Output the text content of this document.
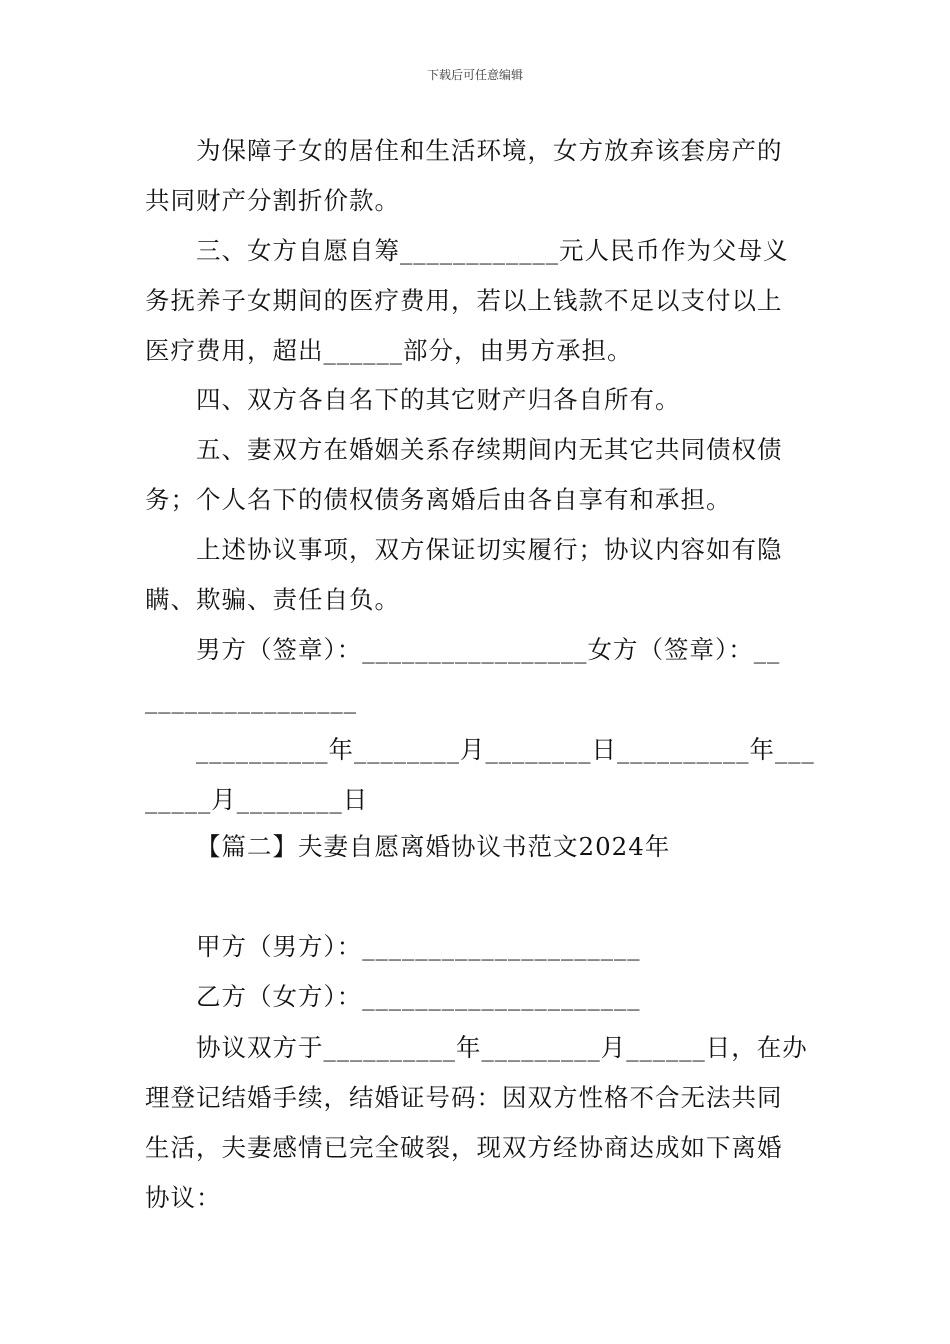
下载后可任意编辑
为保障子女的居住和生活环境，女方放弃该套房产的
共同财产分割折价款。
三、女方自愿自筹____________元人民币作为父母义
务抚养子女期间的医疗费用，若以上钱款不足以支付以上
医疗费用，超出______部分，由男方承担。
四、双方各自名下的其它财产归各自所有。
五、妻双方在婚姻关系存续期间内无其它共同债权债
务；个人名下的债权债务离婚后由各自享有和承担。
上述协议事项，双方保证切实履行；协议内容如有隐
瞒、欺骗、责任自负。
男方（签章）：_________________女方（签章）：__
________________
__________年________月________日__________年___
_____月________日
【篇二】夫妻自愿离婚协议书范文2024年
甲方（男方）：_____________________
乙方（女方）：_____________________
协议双方于__________年_________月______日，在办
理登记结婚手续，结婚证号码：因双方性格不合无法共同
生活，夫妻感情已完全破裂，现双方经协商达成如下离婚
协议：
